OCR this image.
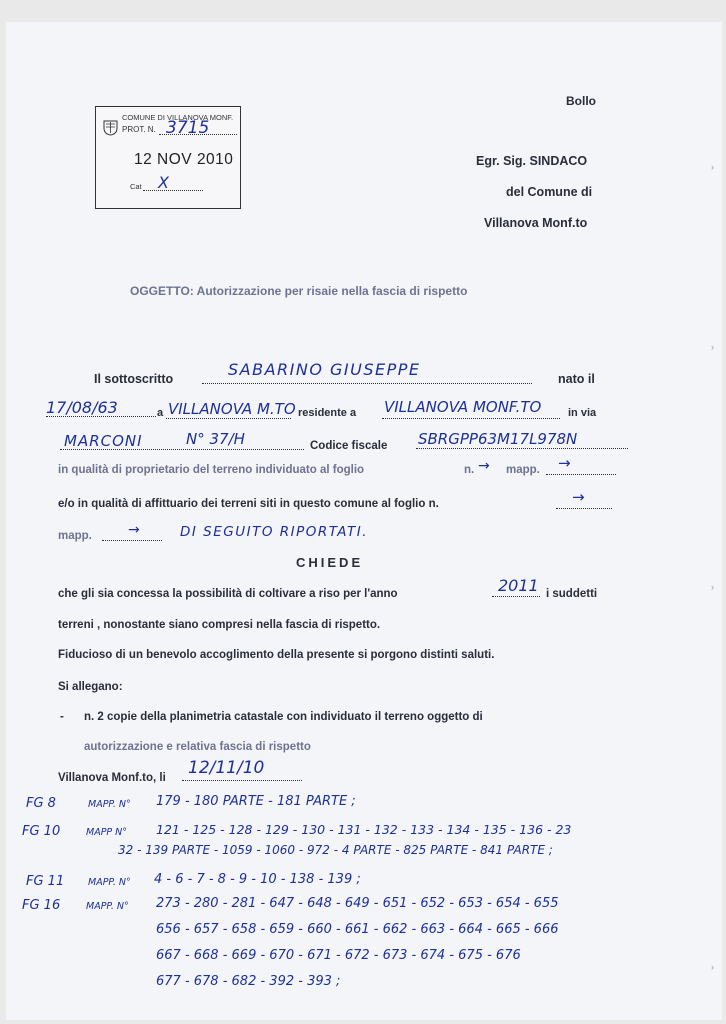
COMUNE DI VILLANOVA MONF.
PROT. N. 3715
12 NOV 2010
Cat X
Bollo
Egr. Sig. SINDACO
del Comune di
Villanova Monf.to
OGGETTO: Autorizzazione per risaie nella fascia di rispetto
Il sottoscritto	SABARINO GIUSEPPE	nato il
17/08/63	a VILLANOVA M.TO residente a VILLANOVA MONF.TO in via
MARCONI	N° 37/H	Codice fiscale SBRGPP63M17L978N
in qualità di proprietario del terreno individuato al foglio	n. → mapp. →
e/o in qualità di affittuario dei terreni siti in questo comune al foglio n.	→
mapp.	→	DI SEGUITO RIPORTATI.
CHIEDE
che gli sia concessa la possibilità di coltivare a riso per l'anno	2011 i suddetti
terreni , nonostante siano compresi nella fascia di rispetto.
Fiducioso di un benevolo accoglimento della presente si porgono distinti saluti.
Si allegano:
- n. 2 copie della planimetria catastale con individuato il terreno oggetto di
autorizzazione e relativa fascia di rispetto
Villanova Monf.to, li 12/11/10
FG 8	MAPP. N° 179 - 180 PARTE - 181 PARTE ;
FG 10	MAPP N° 121 - 125 - 128 - 129 - 130 - 131 - 132 - 133 - 134 - 135 - 136 - 23
32 - 139 PARTE - 1059 - 1060 - 972 - 4 PARTE - 825 PARTE - 841 PARTE ;
FG 11	MAPP. N° 4 - 6 - 7 - 8 - 9 - 10 - 138 - 139 ;
FG 16	MAPP. N° 273 - 280 - 281 - 647 - 648 - 649 - 651 - 652 - 653 - 654 - 655
656 - 657 - 658 - 659 - 660 - 661 - 662 - 663 - 664 - 665 - 666
667 - 668 - 669 - 670 - 671 - 672 - 673 - 674 - 675 - 676
677 - 678 - 682 - 392 - 393 ;
›
›
›
›
